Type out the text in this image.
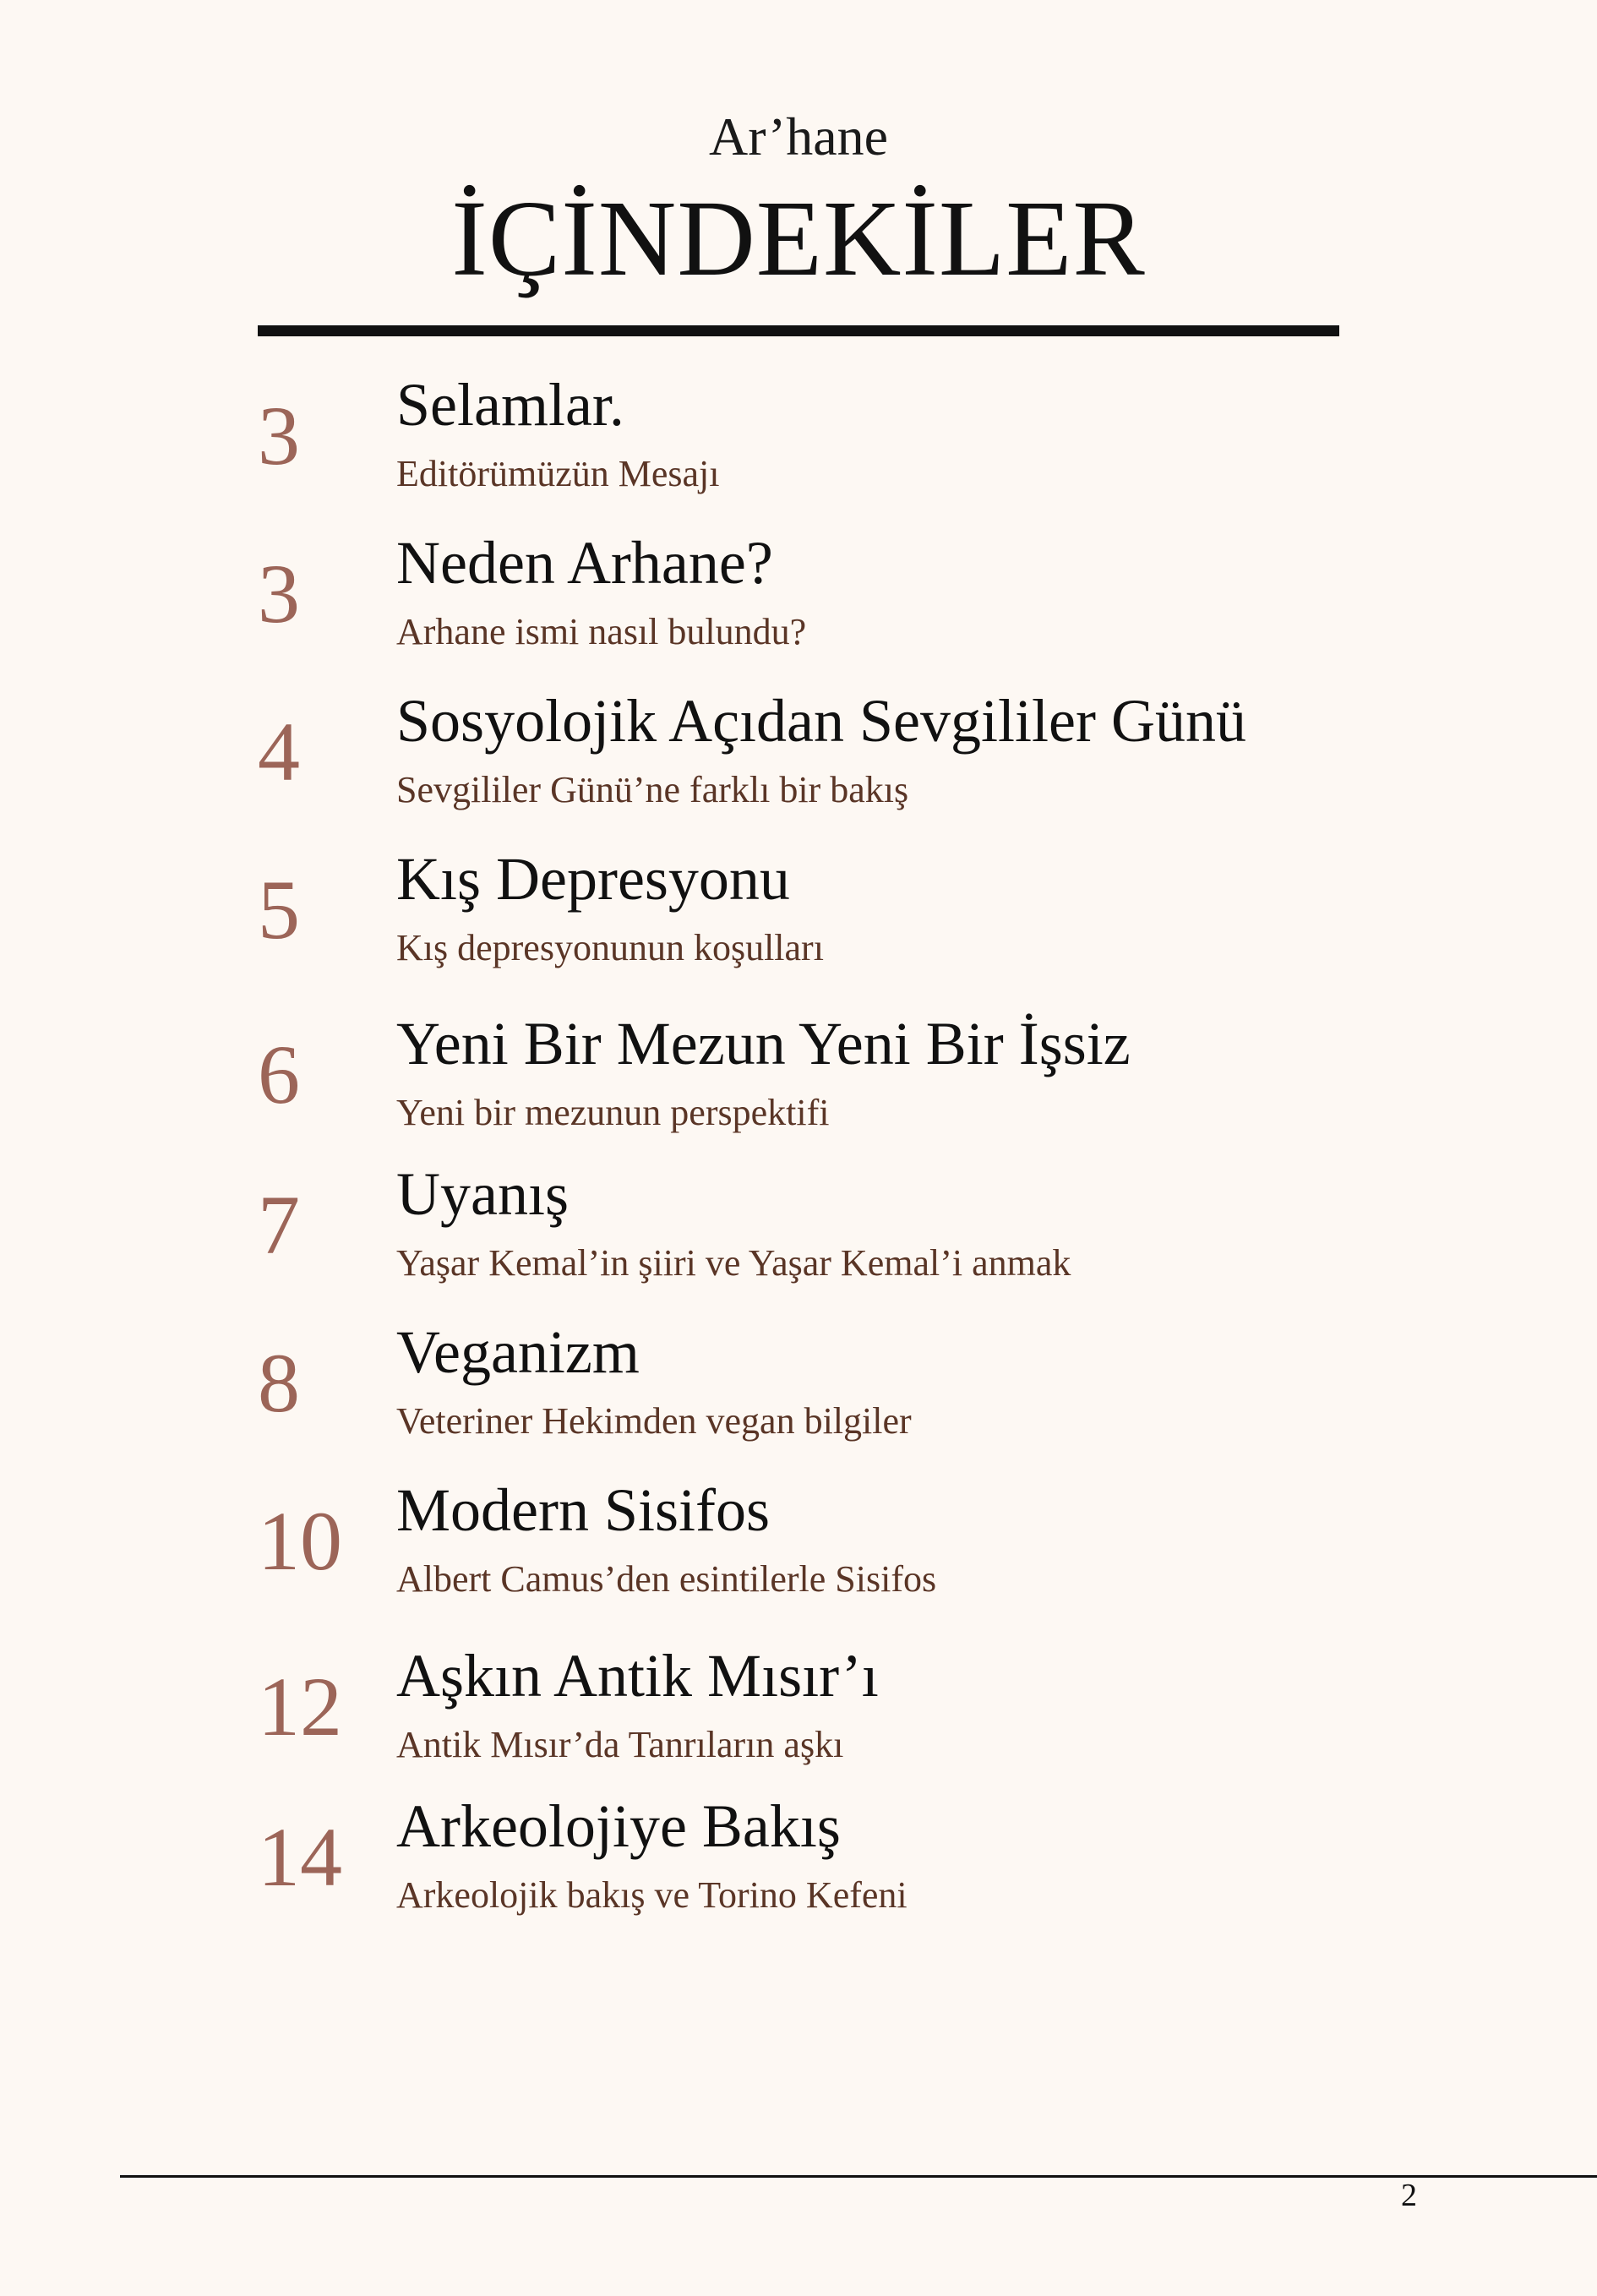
Ar’hane
İÇİNDEKİLER
3 Selamlar.
Editörümüzün Mesajı
3 Neden Arhane?
Arhane ismi nasıl bulundu?
4 Sosyolojik Açıdan Sevgililer Günü
Sevgililer Günü’ne farklı bir bakış
5 Kış Depresyonu
Kış depresyonunun koşulları
6 Yeni Bir Mezun Yeni Bir İşsiz
Yeni bir mezunun perspektifi
7 Uyanış
Yaşar Kemal’in şiiri ve Yaşar Kemal’i anmak
8 Veganizm
Veteriner Hekimden vegan bilgiler
10 Modern Sisifos
Albert Camus’den esintilerle Sisifos
12 Aşkın Antik Mısır’ı
Antik Mısır’da Tanrıların aşkı
14 Arkeolojiye Bakış
Arkeolojik bakış ve Torino Kefeni
2
